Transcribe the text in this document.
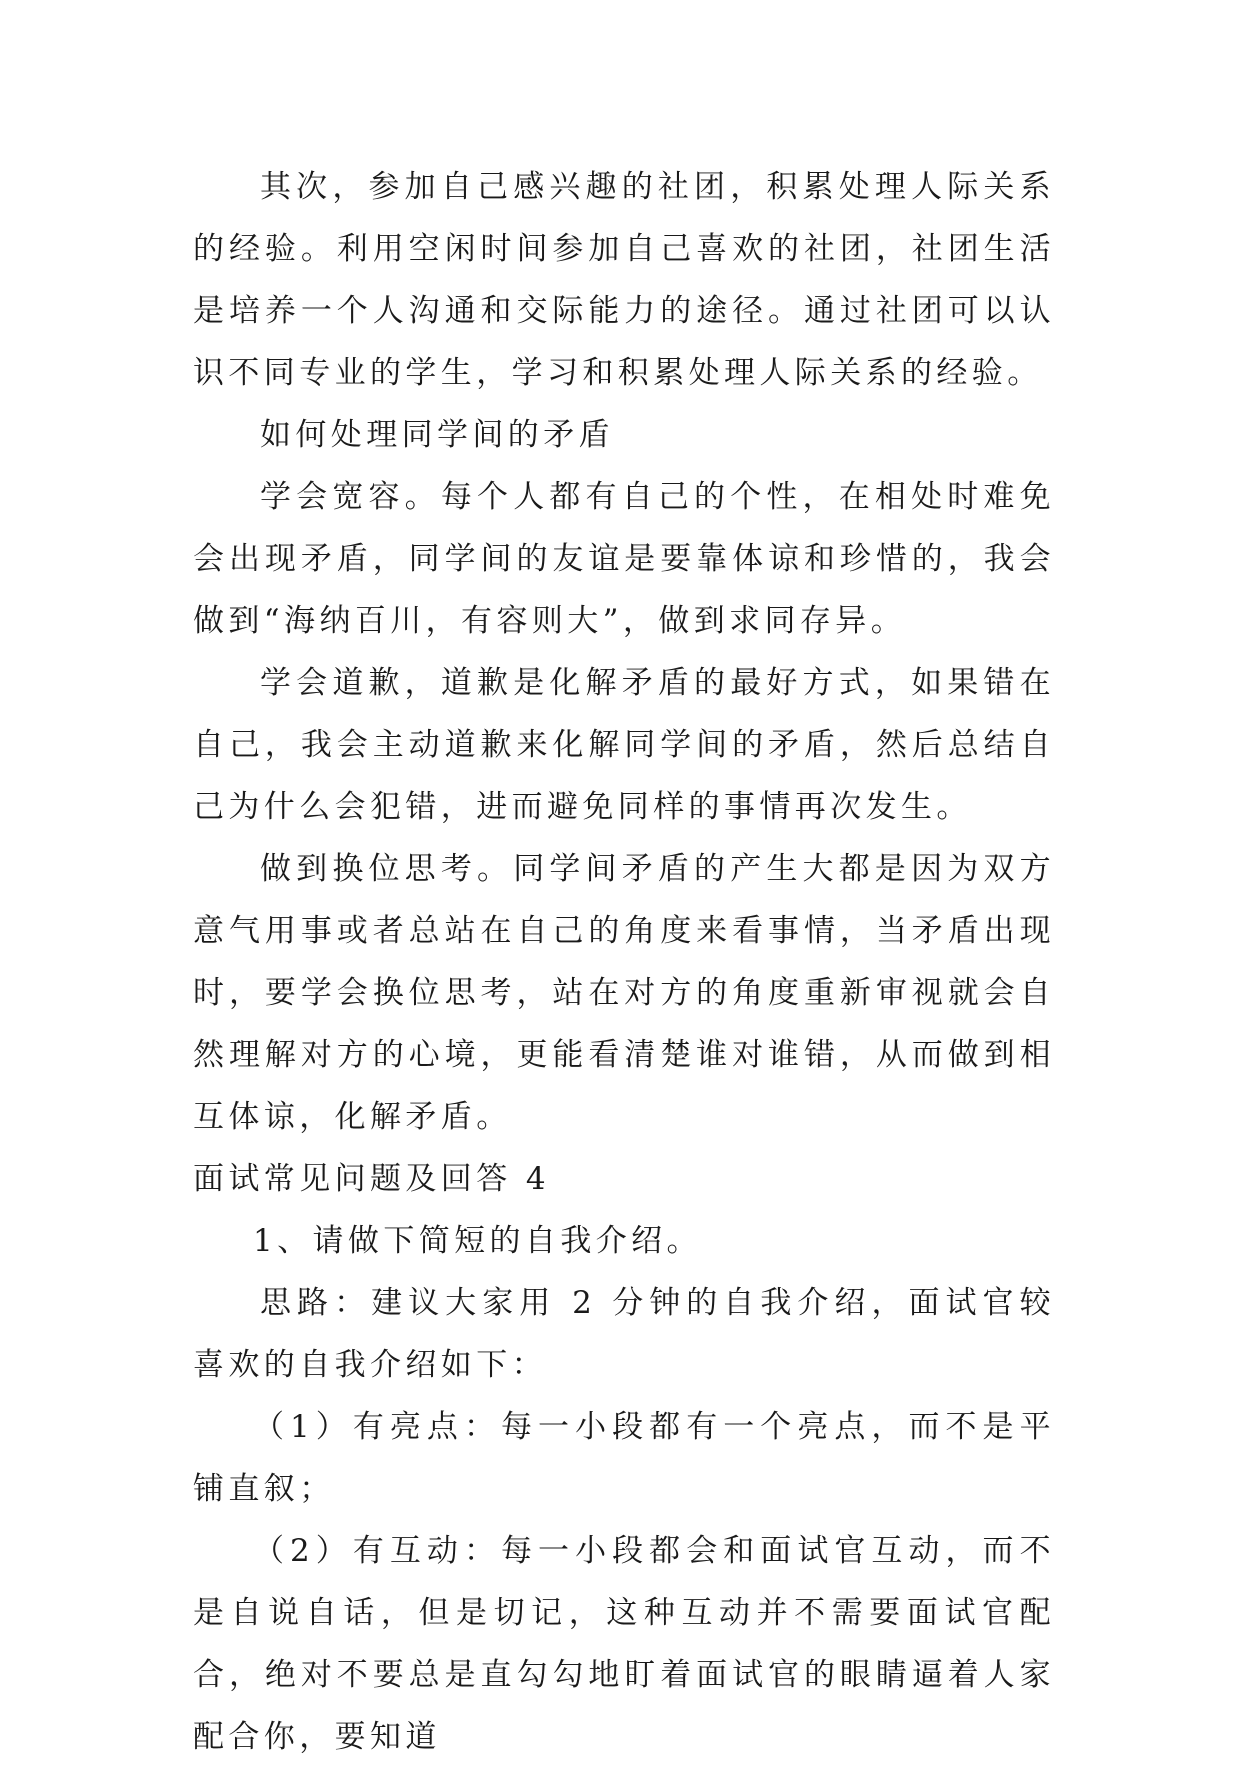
其次，参加自己感兴趣的社团，积累处理人际关系的经验。利用空闲时间参加自己喜欢的社团，社团生活是培养一个人沟通和交际能力的途径。通过社团可以认识不同专业的学生，学习和积累处理人际关系的经验。

如何处理同学间的矛盾

学会宽容。每个人都有自己的个性，在相处时难免会出现矛盾，同学间的友谊是要靠体谅和珍惜的，我会做到“海纳百川，有容则大”，做到求同存异。

学会道歉，道歉是化解矛盾的最好方式，如果错在自己，我会主动道歉来化解同学间的矛盾，然后总结自己为什么会犯错，进而避免同样的事情再次发生。

做到换位思考。同学间矛盾的产生大都是因为双方意气用事或者总站在自己的角度来看事情，当矛盾出现时，要学会换位思考，站在对方的角度重新审视就会自然理解对方的心境，更能看清楚谁对谁错，从而做到相互体谅，化解矛盾。

面试常见问题及回答 4

1、请做下简短的自我介绍。

思路：建议大家用 2 分钟的自我介绍，面试官较喜欢的自我介绍如下：

（1）有亮点：每一小段都有一个亮点，而不是平铺直叙；

（2）有互动：每一小段都会和面试官互动，而不是自说自话，但是切记，这种互动并不需要面试官配合，绝对不要总是直勾勾地盯着面试官的眼睛逼着人家配合你，要知道
